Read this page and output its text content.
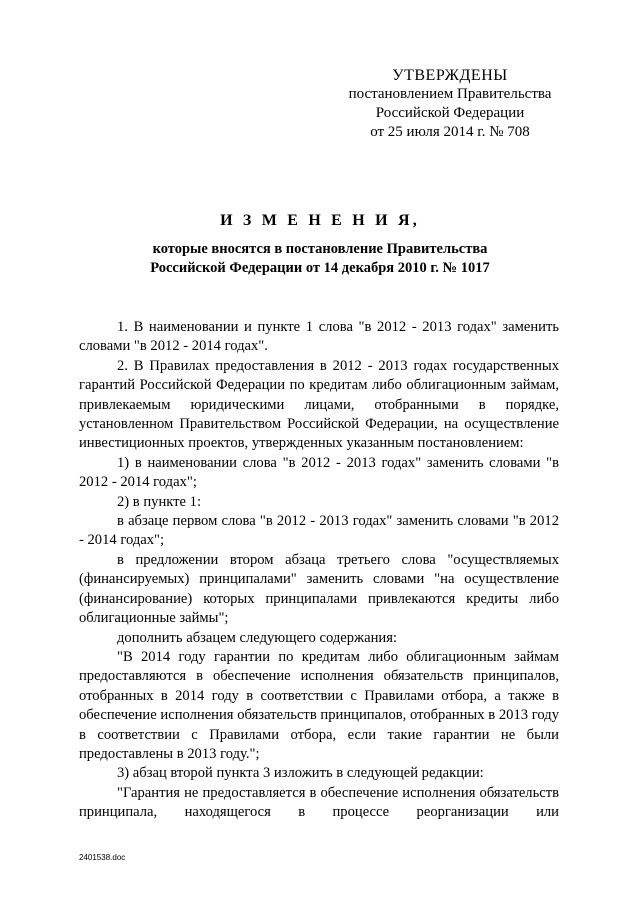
УТВЕРЖДЕНЫ
постановлением Правительства
Российской Федерации
от 25 июля 2014 г. № 708
И З М Е Н Е Н И Я,
которые вносятся в постановление Правительства
Российской Федерации от 14 декабря 2010 г. № 1017

1. В наименовании и пункте 1 слова "в 2012 - 2013 годах" заменить словами "в 2012 - 2014 годах".

2. В Правилах предоставления в 2012 - 2013 годах государственных гарантий Российской Федерации по кредитам либо облигационным займам, привлекаемым юридическими лицами, отобранными в порядке, установленном Правительством Российской Федерации, на осуществление инвестиционных проектов, утвержденных указанным постановлением:

1) в наименовании слова "в 2012 - 2013 годах" заменить словами "в 2012 - 2014 годах";

2) в пункте 1:

в абзаце первом слова "в 2012 - 2013 годах" заменить словами "в 2012 - 2014 годах";

в предложении втором абзаца третьего слова "осуществляемых (финансируемых) принципалами" заменить словами "на осуществление (финансирование) которых принципалами привлекаются кредиты либо облигационные займы";

дополнить абзацем следующего содержания:

"В 2014 году гарантии по кредитам либо облигационным займам предоставляются в обеспечение исполнения обязательств принципалов, отобранных в 2014 году в соответствии с Правилами отбора, а также в обеспечение исполнения обязательств принципалов, отобранных в 2013 году в соответствии с Правилами отбора, если такие гарантии не были предоставлены в 2013 году.";

3) абзац второй пункта 3 изложить в следующей редакции:

"Гарантия не предоставляется в обеспечение исполнения обязательств принципала, находящегося в процессе реорганизации или

2401538.doc
